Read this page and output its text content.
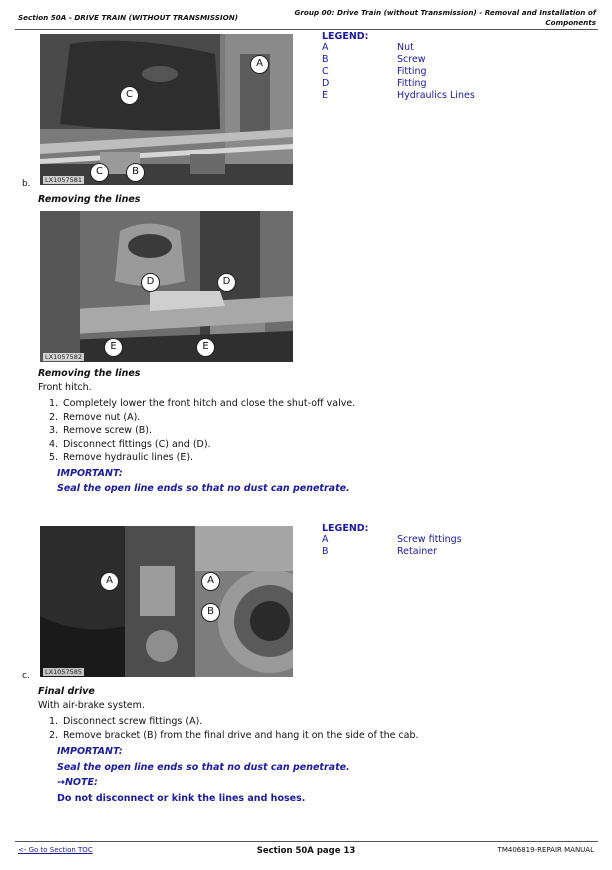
Section 50A - DRIVE TRAIN (WITHOUT TRANSMISSION)
Group 00: Drive Train (without Transmission) - Removal and Installation of
Components
A
C
C	B
LX1057581
LEGEND:
A	Nut
B	Screw
C	Fitting
D	Fitting
E	Hydraulics Lines
b.
Removing the lines
D	D
E	E
LX1057582
Removing the lines
Front hitch.
1. Completely lower the front hitch and close the shut-off valve.
2. Remove nut (A).
3. Remove screw (B).
4. Disconnect fittings (C) and (D).
5. Remove hydraulic lines (E).
IMPORTANT:
Seal the open line ends so that no dust can penetrate.
LEGEND:
A	Screw fittings
B	Retainer
A	A
B
LX1057585
c.
Final drive
With air-brake system.
1. Disconnect screw fittings (A).
2. Remove bracket (B) from the final drive and hang it on the side of the cab.
IMPORTANT:
Seal the open line ends so that no dust can penetrate.
→NOTE:
Do not disconnect or kink the lines and hoses.
<- Go to Section TOC	Section 50A page 13	TM406819-REPAIR MANUAL
